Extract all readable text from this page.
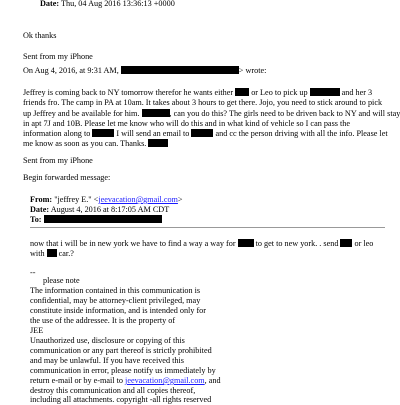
Date: Thu, 04 Aug 2016 13:36:13 +0000
Ok thanks
Sent from my iPhone
On Aug 4, 2016, at 9:31 AM,	> wrote:
Jeffrey is coming back to NY tomorrow therefor he wants either or Leo to pick up	and her 3
friends fro. The camp in PA at 10am. It takes about 3 hours to get there. Jojo, you need to stick around to pick
up Jeffrey and be available for him.	, can you do this? The girls need to be driven back to NY and will stay
in apt 7J and 10B. Please let me know who will do this and in what kind of vehicle so I can pass the
information along to	I will send an email to	and cc the person driving with all the info. Please let
me know as soon as you can. Thanks.
Sent from my iPhone
Begin forwarded message:
From: "jeffrey E." <jeevacation@gmail.com>
Date: August 4, 2016 at 8:17:05 AM CDT
To:
now that i will be in new york we have to find a way a way for to get to new york. . send or leo
with car.?
--
please note
The information contained in this communication is
confidential, may be attorney-client privileged, may
constitute inside information, and is intended only for
the use of the addressee. It is the property of
JEE
Unauthorized use, disclosure or copying of this
communication or any part thereof is strictly prohibited
and may be unlawful. If you have received this
communication in error, please notify us immediately by
return e-mail or by e-mail to jeevacation@gmail.com, and
destroy this communication and all copies thereof,
including all attachments. copyright -all rights reserved
